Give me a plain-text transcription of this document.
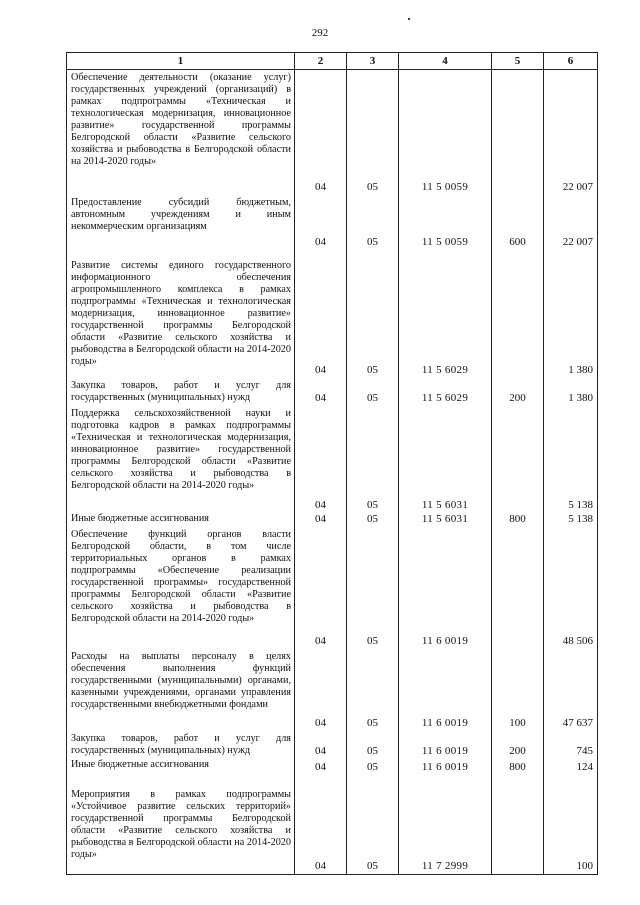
292
1	2	3	4	5	6

Обеспечение деятельности (оказание услуг) государственных учреждений (организаций) в рамках подпрограммы «Техническая и технологическая модернизация, инновационное развитие» государственной программы Белгородской области «Развитие сельского хозяйства и рыбоводства в Белгородской области на 2014-2020 годы»	04	05	11 5 0059		22 007

Предоставление субсидий бюджетным, автономным учреждениям и иным некоммерческим организациям	04	05	11 5 0059	600	22 007

Развитие системы единого государственного информационного обеспечения агропромышленного комплекса в рамках подпрограммы «Техническая и технологическая модернизация, инновационное развитие» государственной программы Белгородской области «Развитие сельского хозяйства и рыбоводства в Белгородской области на 2014-2020 годы»	04	05	11 5 6029		1 380

Закупка товаров, работ и услуг для государственных (муниципальных) нужд	04	05	11 5 6029	200	1 380

Поддержка сельскохозяйственной науки и подготовка кадров в рамках подпрограммы «Техническая и технологическая модернизация, инновационное развитие» государственной программы Белгородской области «Развитие сельского хозяйства и рыбоводства в Белгородской области на 2014-2020 годы»	04	05	11 5 6031		5 138

Иные бюджетные ассигнования	04	05	11 5 6031	800	5 138

Обеспечение функций органов власти Белгородской области, в том числе территориальных органов в рамках подпрограммы «Обеспечение реализации государственной программы» государственной программы Белгородской области «Развитие сельского хозяйства и рыбоводства в Белгородской области на 2014-2020 годы»	04	05	11 6 0019		48 506

Расходы на выплаты персоналу в целях обеспечения выполнения функций государственными (муниципальными) органами, казенными учреждениями, органами управления государственными внебюджетными фондами	04	05	11 6 0019	100	47 637

Закупка товаров, работ и услуг для государственных (муниципальных) нужд	04	05	11 6 0019	200	745

Иные бюджетные ассигнования	04	05	11 6 0019	800	124

Мероприятия в рамках подпрограммы «Устойчивое развитие сельских территорий» государственной программы Белгородской области «Развитие сельского хозяйства и рыбоводства в Белгородской области на 2014-2020 годы»	04	05	11 7 2999		100
